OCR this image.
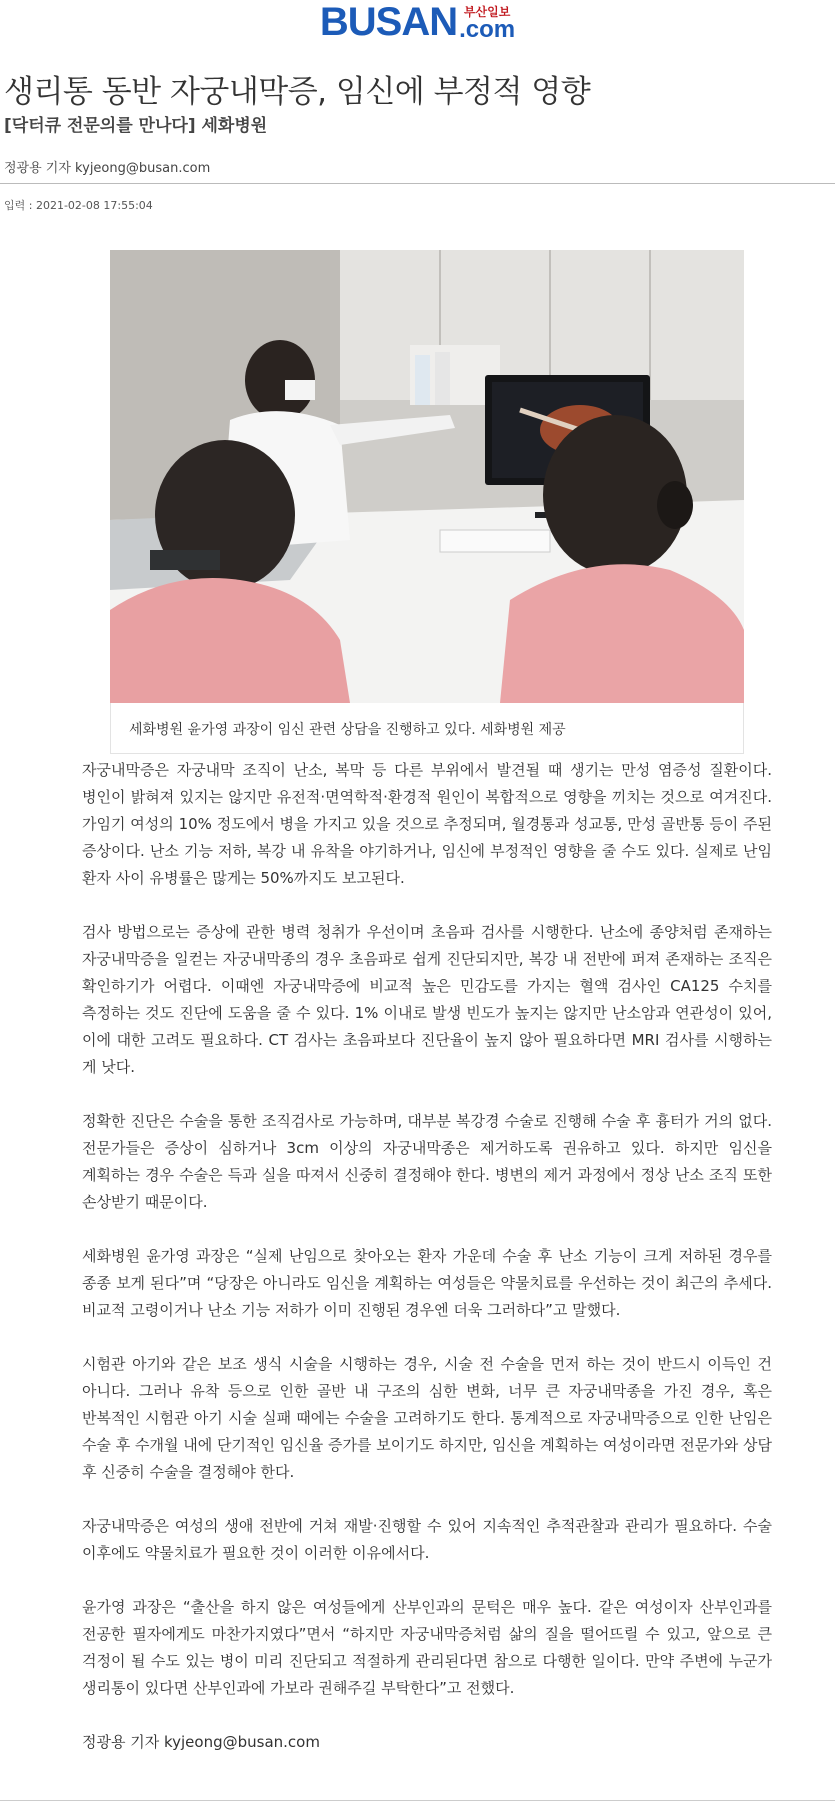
BUSAN 부산일보
.com
생리통 동반 자궁내막증, 임신에 부정적 영향
[닥터큐 전문의를 만나다] 세화병원
정광용 기자 kyjeong@busan.com
입력 : 2021-02-08 17:55:04
세화병원 윤가영 과장이 임신 관련 상담을 진행하고 있다. 세화병원 제공

자궁내막증은 자궁내막 조직이 난소, 복막 등 다른 부위에서 발견될 때 생기는 만성 염증성 질환이다. 병인이 밝혀져 있지는 않지만 유전적·면역학적·환경적 원인이 복합적으로 영향을 끼치는 것으로 여겨진다. 가임기 여성의 10% 정도에서 병을 가지고 있을 것으로 추정되며, 월경통과 성교통, 만성 골반통 등이 주된 증상이다. 난소 기능 저하, 복강 내 유착을 야기하거나, 임신에 부정적인 영향을 줄 수도 있다. 실제로 난임 환자 사이 유병률은 많게는 50%까지도 보고된다.

검사 방법으로는 증상에 관한 병력 청취가 우선이며 초음파 검사를 시행한다. 난소에 종양처럼 존재하는 자궁내막증을 일컫는 자궁내막종의 경우 초음파로 쉽게 진단되지만, 복강 내 전반에 퍼져 존재하는 조직은 확인하기가 어렵다. 이때엔 자궁내막증에 비교적 높은 민감도를 가지는 혈액 검사인 CA125 수치를 측정하는 것도 진단에 도움을 줄 수 있다. 1% 이내로 발생 빈도가 높지는 않지만 난소암과 연관성이 있어, 이에 대한 고려도 필요하다. CT 검사는 초음파보다 진단율이 높지 않아 필요하다면 MRI 검사를 시행하는 게 낫다.

정확한 진단은 수술을 통한 조직검사로 가능하며, 대부분 복강경 수술로 진행해 수술 후 흉터가 거의 없다. 전문가들은 증상이 심하거나 3cm 이상의 자궁내막종은 제거하도록 권유하고 있다. 하지만 임신을 계획하는 경우 수술은 득과 실을 따져서 신중히 결정해야 한다. 병변의 제거 과정에서 정상 난소 조직 또한 손상받기 때문이다.

세화병원 윤가영 과장은 “실제 난임으로 찾아오는 환자 가운데 수술 후 난소 기능이 크게 저하된 경우를 종종 보게 된다”며 “당장은 아니라도 임신을 계획하는 여성들은 약물치료를 우선하는 것이 최근의 추세다. 비교적 고령이거나 난소 기능 저하가 이미 진행된 경우엔 더욱 그러하다”고 말했다.

시험관 아기와 같은 보조 생식 시술을 시행하는 경우, 시술 전 수술을 먼저 하는 것이 반드시 이득인 건 아니다. 그러나 유착 등으로 인한 골반 내 구조의 심한 변화, 너무 큰 자궁내막종을 가진 경우, 혹은 반복적인 시험관 아기 시술 실패 때에는 수술을 고려하기도 한다. 통계적으로 자궁내막증으로 인한 난임은 수술 후 수개월 내에 단기적인 임신율 증가를 보이기도 하지만, 임신을 계획하는 여성이라면 전문가와 상담 후 신중히 수술을 결정해야 한다.

자궁내막증은 여성의 생애 전반에 거쳐 재발·진행할 수 있어 지속적인 추적관찰과 관리가 필요하다. 수술 이후에도 약물치료가 필요한 것이 이러한 이유에서다.

윤가영 과장은 “출산을 하지 않은 여성들에게 산부인과의 문턱은 매우 높다. 같은 여성이자 산부인과를 전공한 필자에게도 마찬가지였다”면서 “하지만 자궁내막증처럼 삶의 질을 떨어뜨릴 수 있고, 앞으로 큰 걱정이 될 수도 있는 병이 미리 진단되고 적절하게 관리된다면 참으로 다행한 일이다. 만약 주변에 누군가 생리통이 있다면 산부인과에 가보라 권해주길 부탁한다”고 전했다.

정광용 기자 kyjeong@busan.com
